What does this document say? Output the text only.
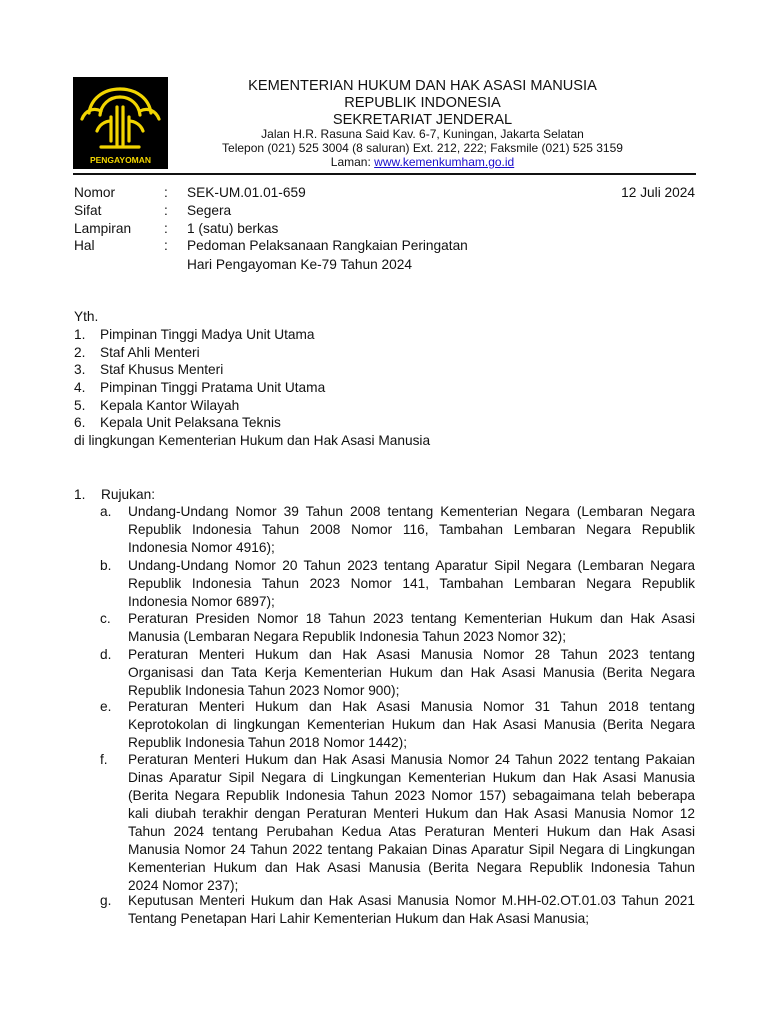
PENGAYOMAN
KEMENTERIAN HUKUM DAN HAK ASASI MANUSIA
REPUBLIK INDONESIA
SEKRETARIAT JENDERAL
Jalan H.R. Rasuna Said Kav. 6-7, Kuningan, Jakarta Selatan
Telepon (021) 525 3004 (8 saluran) Ext. 212, 222; Faksmile (021) 525 3159
Laman: www.kemenkumham.go.id
12 Juli 2024
Nomor	: SEK-UM.01.01-659
Sifat	: Segera
Lampiran : 1 (satu) berkas
Hal	: Pedoman Pelaksanaan Rangkaian Peringatan
Hari Pengayoman Ke-79 Tahun 2024
Yth.
1. Pimpinan Tinggi Madya Unit Utama
2. Staf Ahli Menteri
3. Staf Khusus Menteri
4. Pimpinan Tinggi Pratama Unit Utama
5. Kepala Kantor Wilayah
6. Kepala Unit Pelaksana Teknis
di lingkungan Kementerian Hukum dan Hak Asasi Manusia
1. Rujukan:
a. Undang-Undang Nomor 39 Tahun 2008 tentang Kementerian Negara (Lembaran Negara
Republik Indonesia Tahun 2008 Nomor 116, Tambahan Lembaran Negara Republik
Indonesia Nomor 4916);
b. Undang-Undang Nomor 20 Tahun 2023 tentang Aparatur Sipil Negara (Lembaran Negara
Republik Indonesia Tahun 2023 Nomor 141, Tambahan Lembaran Negara Republik
Indonesia Nomor 6897);
c. Peraturan Presiden Nomor 18 Tahun 2023 tentang Kementerian Hukum dan Hak Asasi
Manusia (Lembaran Negara Republik Indonesia Tahun 2023 Nomor 32);
d. Peraturan Menteri Hukum dan Hak Asasi Manusia Nomor 28 Tahun 2023 tentang
Organisasi dan Tata Kerja Kementerian Hukum dan Hak Asasi Manusia (Berita Negara
Republik Indonesia Tahun 2023 Nomor 900);
e. Peraturan Menteri Hukum dan Hak Asasi Manusia Nomor 31 Tahun 2018 tentang
Keprotokolan di lingkungan Kementerian Hukum dan Hak Asasi Manusia (Berita Negara
Republik Indonesia Tahun 2018 Nomor 1442);
f. Peraturan Menteri Hukum dan Hak Asasi Manusia Nomor 24 Tahun 2022 tentang Pakaian
Dinas Aparatur Sipil Negara di Lingkungan Kementerian Hukum dan Hak Asasi Manusia
(Berita Negara Republik Indonesia Tahun 2023 Nomor 157) sebagaimana telah beberapa
kali diubah terakhir dengan Peraturan Menteri Hukum dan Hak Asasi Manusia Nomor 12
Tahun 2024 tentang Perubahan Kedua Atas Peraturan Menteri Hukum dan Hak Asasi
Manusia Nomor 24 Tahun 2022 tentang Pakaian Dinas Aparatur Sipil Negara di Lingkungan
Kementerian Hukum dan Hak Asasi Manusia (Berita Negara Republik Indonesia Tahun
2024 Nomor 237);
g. Keputusan Menteri Hukum dan Hak Asasi Manusia Nomor M.HH-02.OT.01.03 Tahun 2021
Tentang Penetapan Hari Lahir Kementerian Hukum dan Hak Asasi Manusia;
